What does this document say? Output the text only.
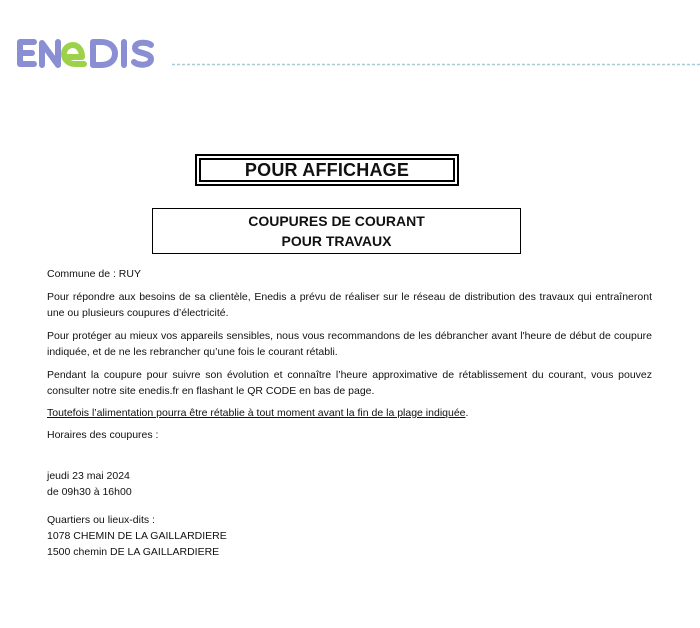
POUR AFFICHAGE
COUPURES DE COURANT
POUR TRAVAUX

Commune de : RUY

Pour répondre aux besoins de sa clientèle, Enedis a prévu de réaliser sur le réseau de distribution des travaux qui entraîneront une ou plusieurs coupures d’électricité.

Pour protéger au mieux vos appareils sensibles, nous vous recommandons de les débrancher avant l'heure de début de coupure indiquée, et de ne les rebrancher qu’une fois le courant rétabli.

Pendant la coupure pour suivre son évolution et connaître l’heure approximative de rétablissement du courant, vous pouvez consulter notre site enedis.fr en flashant le QR CODE en bas de page.

Toutefois l’alimentation pourra être rétablie à tout moment avant la fin de la plage indiquée.

Horaires des coupures :

jeudi 23 mai 2024

de 09h30 à 16h00

Quartiers ou lieux-dits :

1078 CHEMIN DE LA GAILLARDIERE

1500 chemin DE LA GAILLARDIERE
